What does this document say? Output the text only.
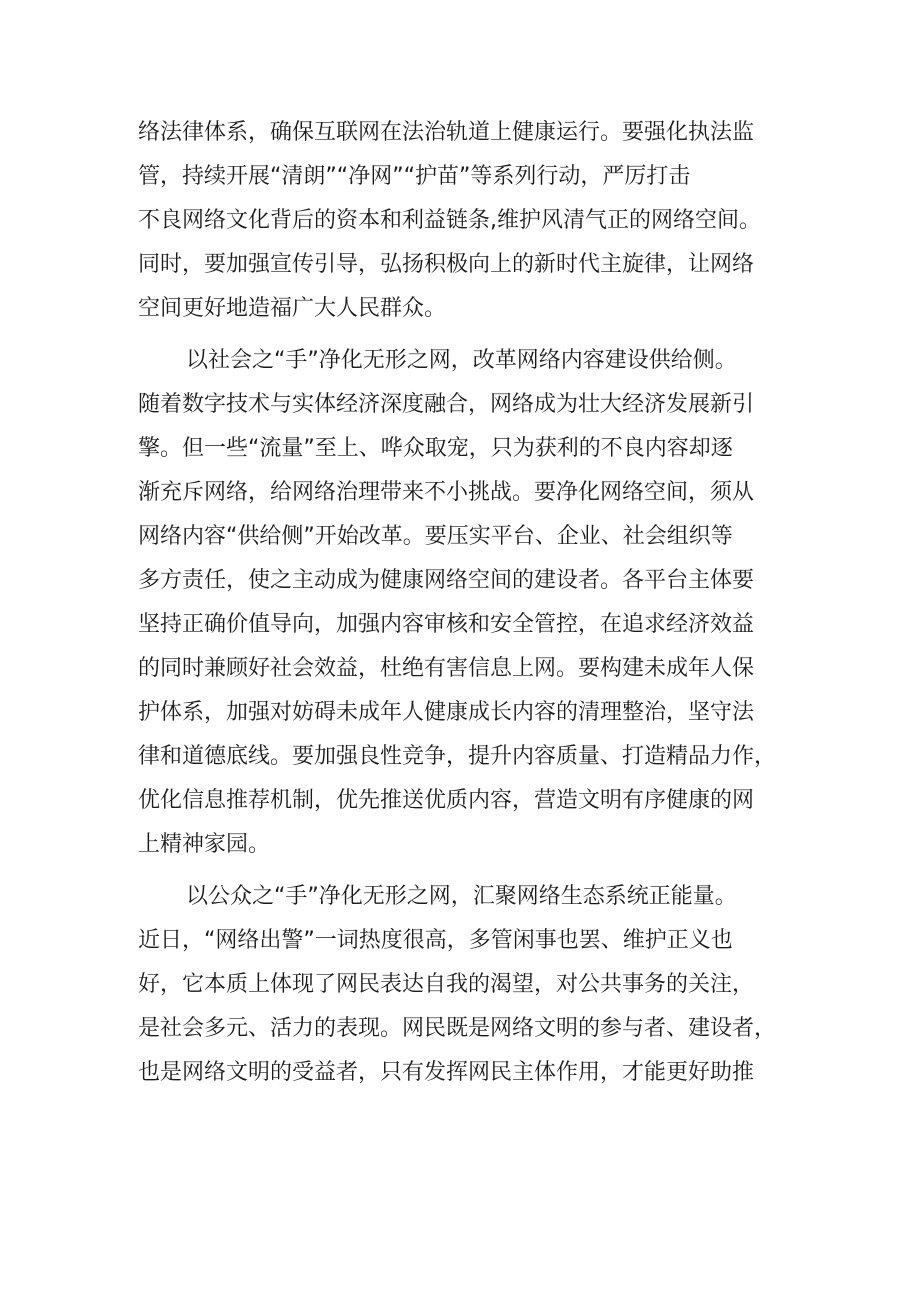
络法律体系，确保互联网在法治轨道上健康运行。要强化执法监
管，持续开展“清朗”“净网”“护苗”等系列行动，严厉打击
不良网络文化背后的资本和利益链条,维护风清气正的网络空间。
同时，要加强宣传引导，弘扬积极向上的新时代主旋律，让网络
空间更好地造福广大人民群众。
以社会之“手”净化无形之网，改革网络内容建设供给侧。
随着数字技术与实体经济深度融合，网络成为壮大经济发展新引
擎。但一些“流量”至上、哗众取宠，只为获利的不良内容却逐
渐充斥网络，给网络治理带来不小挑战。要净化网络空间，须从
网络内容“供给侧”开始改革。要压实平台、企业、社会组织等
多方责任，使之主动成为健康网络空间的建设者。各平台主体要
坚持正确价值导向，加强内容审核和安全管控，在追求经济效益
的同时兼顾好社会效益，杜绝有害信息上网。要构建未成年人保
护体系，加强对妨碍未成年人健康成长内容的清理整治，坚守法
律和道德底线。要加强良性竞争，提升内容质量、打造精品力作，
优化信息推荐机制，优先推送优质内容，营造文明有序健康的网
上精神家园。
以公众之“手”净化无形之网，汇聚网络生态系统正能量。
近日，“网络出警”一词热度很高，多管闲事也罢、维护正义也
好，它本质上体现了网民表达自我的渴望，对公共事务的关注，
是社会多元、活力的表现。网民既是网络文明的参与者、建设者，
也是网络文明的受益者，只有发挥网民主体作用，才能更好助推
